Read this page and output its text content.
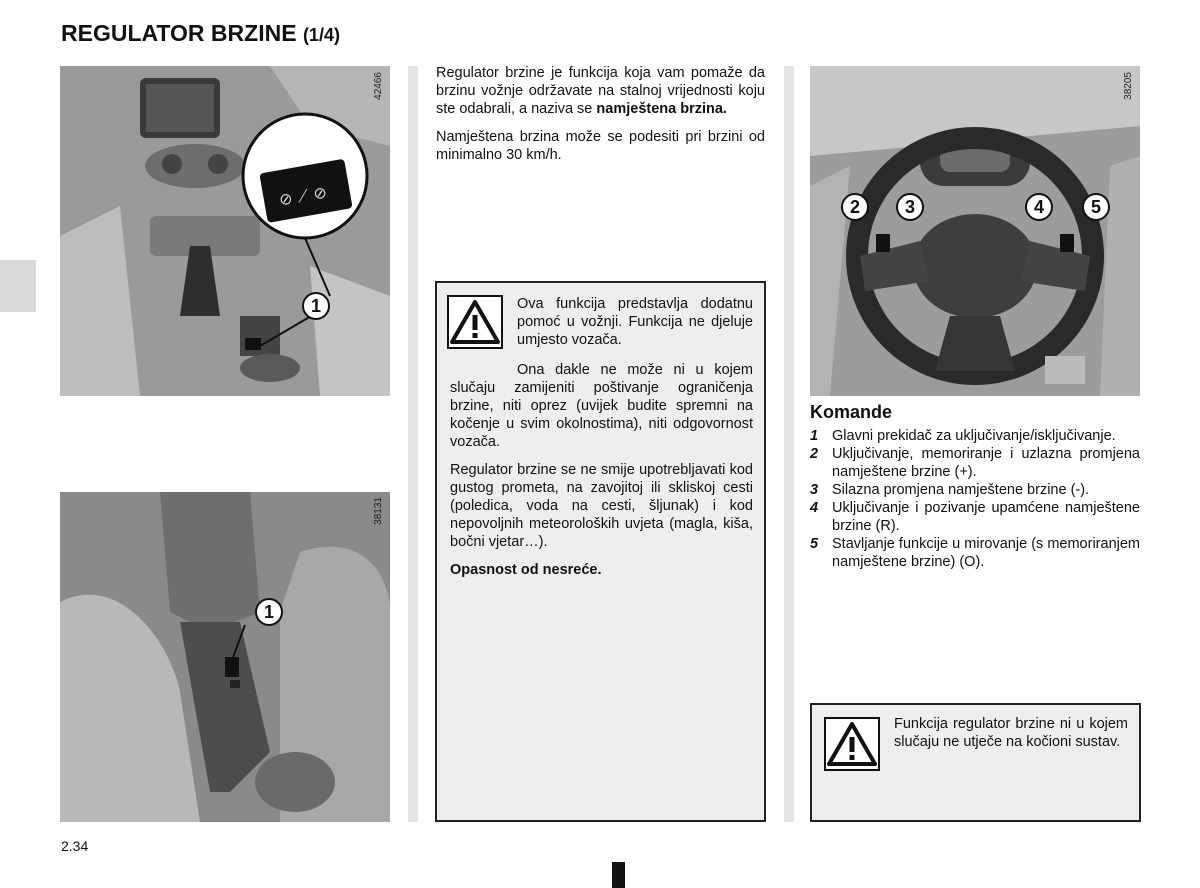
REGULATOR BRZINE (1/4)
⊘ ⟋ ⊘
42466
1
38131
1

Regulator brzine je funkcija koja vam pomaže da brzinu vožnje održavate na stalnoj vrijednosti koju ste odabrali, a naziva se namještena brzina.

Namještena brzina može se podesiti pri brzini od minimalno 30 km/h.

Ova funkcija predstavlja dodatnu pomoć u vožnji. Funkcija ne djeluje umjesto vozača.

Ona dakle ne može ni u kojem slučaju zamijeniti poštivanje ograničenja brzine, niti oprez (uvijek budite spremni na kočenje u svim okolnostima), niti odgovornost vozača.

Regulator brzine se ne smije upotrebljavati kod gustog prometa, na zavojitoj ili skliskoj cesti (poledica, voda na cesti, šljunak) i kod nepovoljnih meteoroloških uvjeta (magla, kiša, bočni vjetar…).

Opasnost od nesreće.

38205
2	3	4	5
Komande
1 Glavni prekidač za uključivanje/isključivanje.
2 Uključivanje, memoriranje i uzlazna promjena namještene brzine (+).
3 Silazna promjena namještene brzine (-).
4 Uključivanje i pozivanje upamćene namještene brzine (R).
5 Stavljanje funkcije u mirovanje (s memoriranjem namještene brzine) (O).
Funkcija regulator brzine ni u kojem slučaju ne utječe na kočioni sustav.
2.34
